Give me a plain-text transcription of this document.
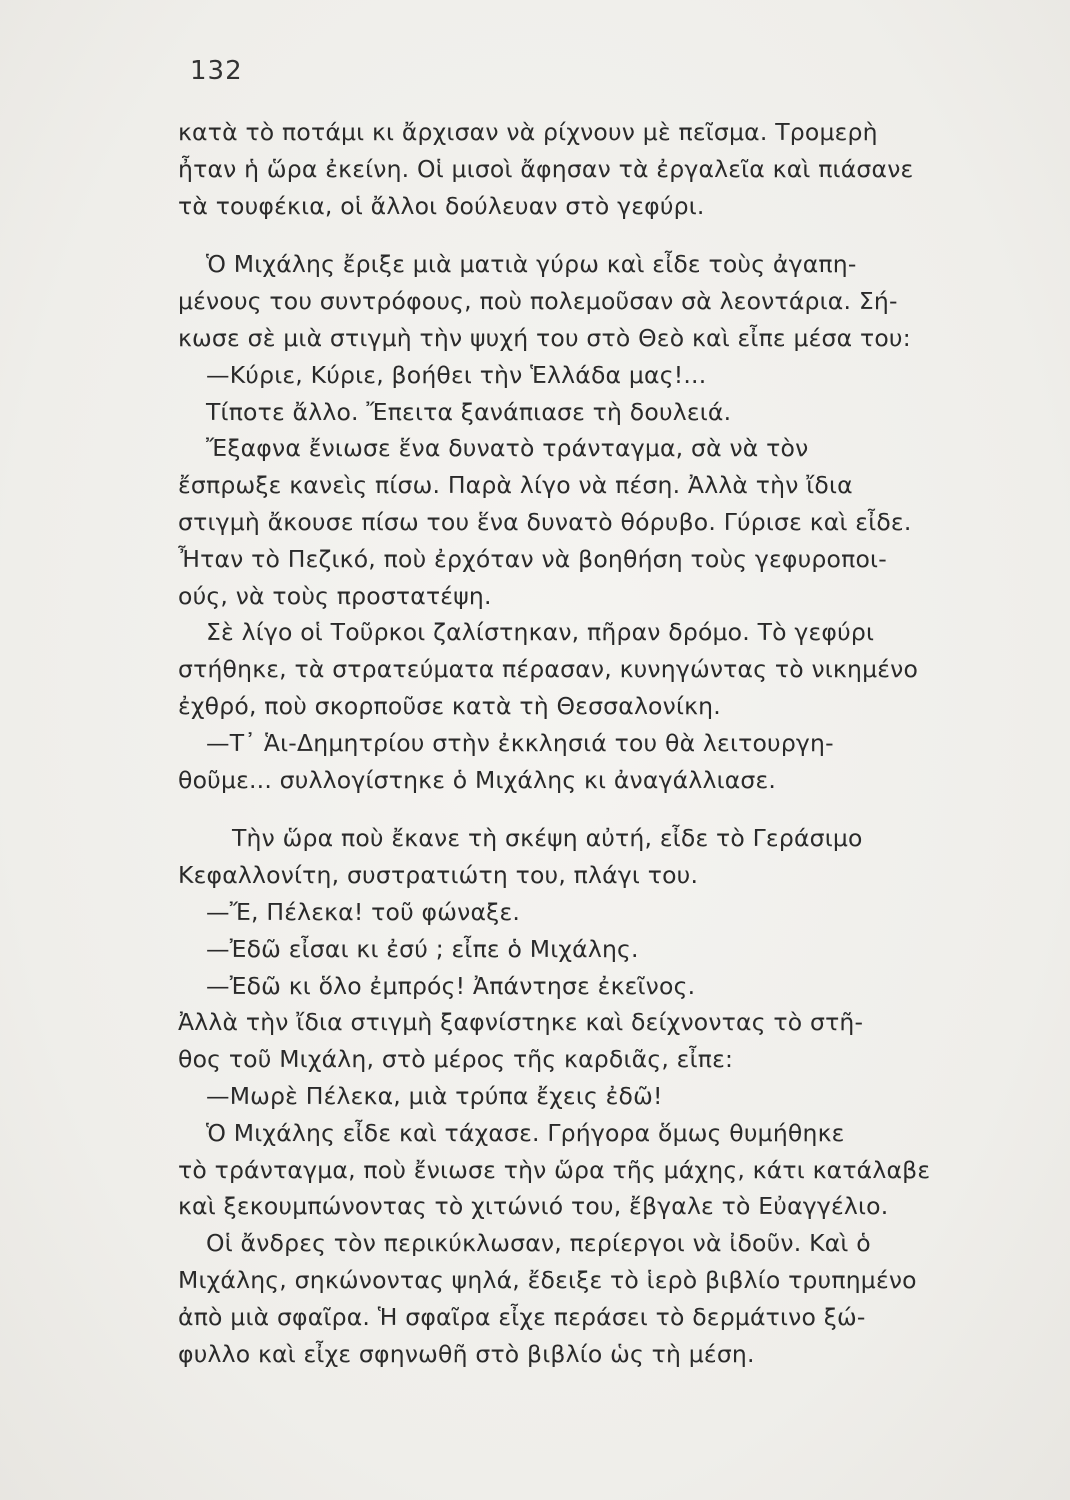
132
κατὰ τὸ ποτάμι κι ἄρχισαν νὰ ρίχνουν μὲ πεῖσμα. Τρομερὴ
ἦταν ἡ ὥρα ἐκείνη. Οἱ μισοὶ ἄφησαν τὰ ἐργαλεῖα καὶ πιάσανε
τὰ τουφέκια, οἱ ἄλλοι δούλευαν στὸ γεφύρι.
Ὁ Μιχάλης ἔριξε μιὰ ματιὰ γύρω καὶ εἶδε τοὺς ἀγαπη-
μένους του συντρόφους, ποὺ πολεμοῦσαν σὰ λεοντάρια. Σή-
κωσε σὲ μιὰ στιγμὴ τὴν ψυχή του στὸ Θεὸ καὶ εἶπε μέσα του:
—Κύριε, Κύριε, βοήθει τὴν Ἑλλάδα μας!...
Τίποτε ἄλλο. Ἔπειτα ξανάπιασε τὴ δουλειά.
Ἔξαφνα ἔνιωσε ἕνα δυνατὸ τράνταγμα, σὰ νὰ τὸν
ἔσπρωξε κανεὶς πίσω. Παρὰ λίγο νὰ πέση. Ἀλλὰ τὴν ἴδια
στιγμὴ ἄκουσε πίσω του ἕνα δυνατὸ θόρυβο. Γύρισε καὶ εἶδε.
Ἦταν τὸ Πεζικό, ποὺ ἐρχόταν νὰ βοηθήση τοὺς γεφυροποι-
ούς, νὰ τοὺς προστατέψη.
Σὲ λίγο οἱ Τοῦρκοι ζαλίστηκαν, πῆραν δρόμο. Τὸ γεφύρι
στήθηκε, τὰ στρατεύματα πέρασαν, κυνηγώντας τὸ νικημένο
ἐχθρό, ποὺ σκορποῦσε κατὰ τὴ Θεσσαλονίκη.
—Τ᾽ Ἁι-Δημητρίου στὴν ἐκκλησιά του θὰ λειτουργη-
θοῦμε... συλλογίστηκε ὁ Μιχάλης κι ἀναγάλλιασε.
Τὴν ὥρα ποὺ ἔκανε τὴ σκέψη αὐτή, εἶδε τὸ Γεράσιμο
Κεφαλλονίτη, συστρατιώτη του, πλάγι του.
—Ἔ, Πέλεκα! τοῦ φώναξε.
—Ἐδῶ εἶσαι κι ἐσύ ; εἶπε ὁ Μιχάλης.
—Ἐδῶ κι ὅλο ἐμπρός! Ἀπάντησε ἐκεῖνος.
Ἀλλὰ τὴν ἴδια στιγμὴ ξαφνίστηκε καὶ δείχνοντας τὸ στῆ-
θος τοῦ Μιχάλη, στὸ μέρος τῆς καρδιᾶς, εἶπε:
—Μωρὲ Πέλεκα, μιὰ τρύπα ἔχεις ἐδῶ!
Ὁ Μιχάλης εἶδε καὶ τάχασε. Γρήγορα ὅμως θυμήθηκε
τὸ τράνταγμα, ποὺ ἔνιωσε τὴν ὥρα τῆς μάχης, κάτι κατάλαβε
καὶ ξεκουμπώνοντας τὸ χιτώνιό του, ἔβγαλε τὸ Εὐαγγέλιο.
Οἱ ἄνδρες τὸν περικύκλωσαν, περίεργοι νὰ ἰδοῦν. Καὶ ὁ
Μιχάλης, σηκώνοντας ψηλά, ἔδειξε τὸ ἱερὸ βιβλίο τρυπημένο
ἀπὸ μιὰ σφαῖρα. Ἡ σφαῖρα εἶχε περάσει τὸ δερμάτινο ξώ-
φυλλο καὶ εἶχε σφηνωθῆ στὸ βιβλίο ὡς τὴ μέση.
